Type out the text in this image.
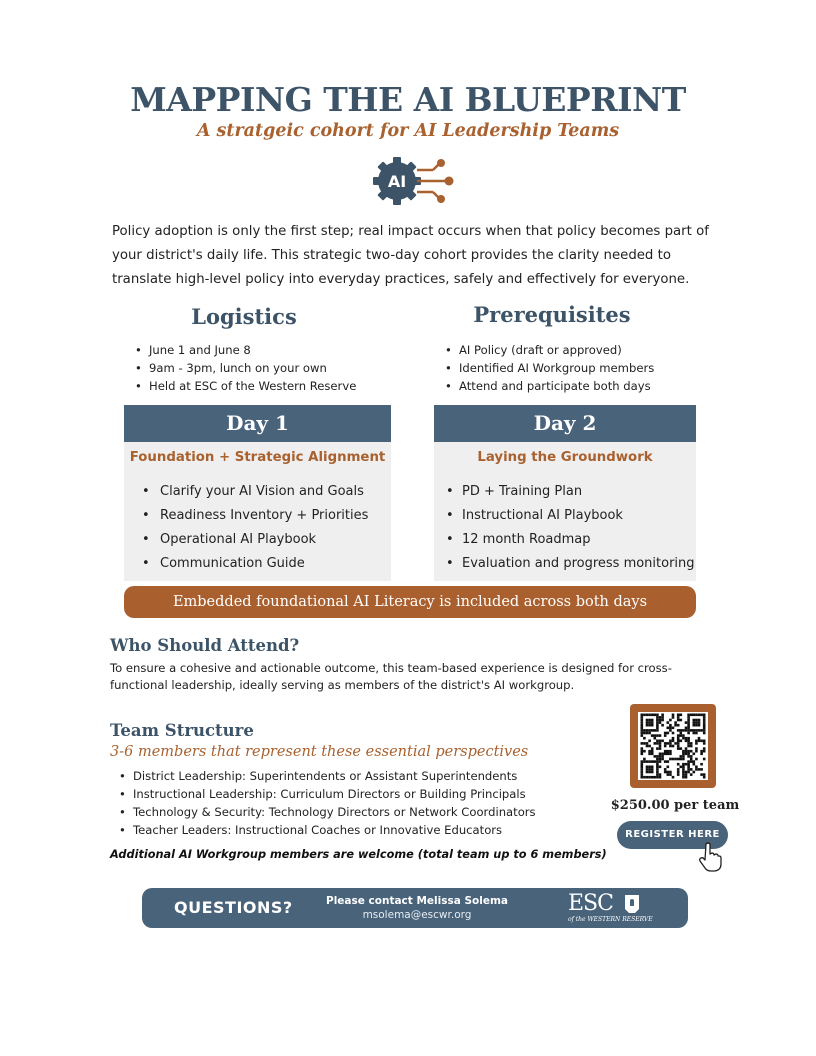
MAPPING THE AI BLUEPRINT
A stratgeic cohort for AI Leadership Teams
AI
Policy adoption is only the first step; real impact occurs when that policy becomes part of your district's daily life. This strategic two-day cohort provides the clarity needed to translate high-level policy into everyday practices, safely and effectively for everyone.
Logistics
• June 1 and June 8
• 9am - 3pm, lunch on your own
• Held at ESC of the Western Reserve
Prerequisites
• AI Policy (draft or approved)
• Identified AI Workgroup members
• Attend and participate both days
Day 1
Foundation + Strategic Alignment
• Clarify your AI Vision and Goals
• Readiness Inventory + Priorities
• Operational AI Playbook
• Communication Guide
Day 2
Laying the Groundwork
• PD + Training Plan
• Instructional AI Playbook
• 12 month Roadmap
• Evaluation and progress monitoring
Embedded foundational AI Literacy is included across both days
Who Should Attend?
To ensure a cohesive and actionable outcome, this team-based experience is designed for cross-functional leadership, ideally serving as members of the district's AI workgroup.
Team Structure
3-6 members that represent these essential perspectives
• District Leadership: Superintendents or Assistant Superintendents
• Instructional Leadership: Curriculum Directors or Building Principals
• Technology & Security: Technology Directors or Network Coordinators
• Teacher Leaders: Instructional Coaches or Innovative Educators
Additional AI Workgroup members are welcome (total team up to 6 members)
$250.00 per team
REGISTER HERE
QUESTIONS?	Please contact Melissa Solema
msolema@escwr.org	ESC
of the WESTERN RESERVE
